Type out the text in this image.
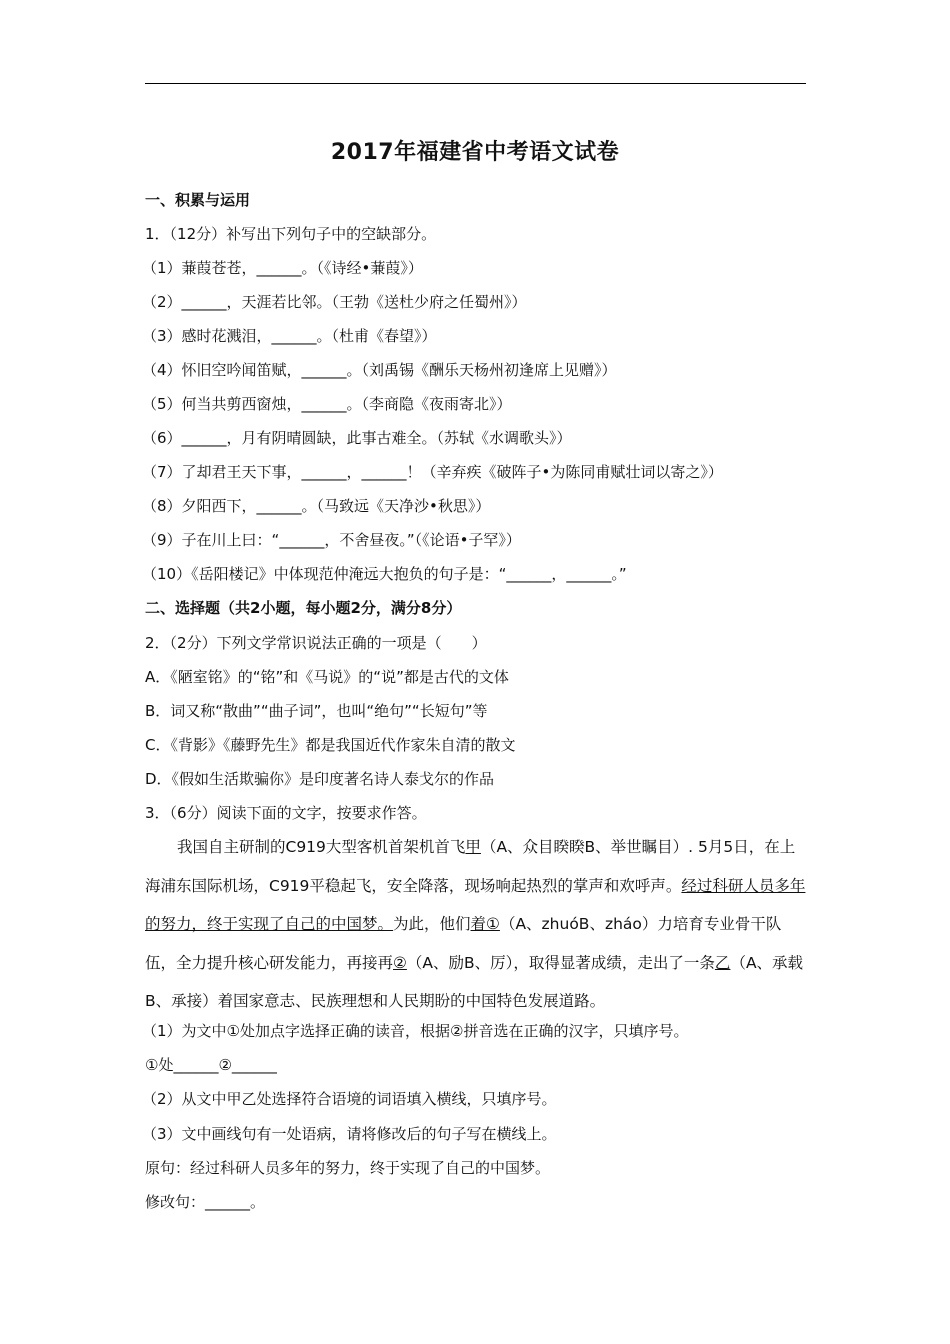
2017年福建省中考语文试卷
一、积累与运用
1．（12分）补写出下列句子中的空缺部分。
（1）蒹葭苍苍，______。（《诗经•蒹葭》）
（2）______，天涯若比邻。（王勃《送杜少府之任蜀州》）
（3）感时花溅泪，______。（杜甫《春望》）
（4）怀旧空吟闻笛赋，______。（刘禹锡《酬乐天杨州初逢席上见赠》）
（5）何当共剪西窗烛，______。（李商隐《夜雨寄北》）
（6）______，月有阴晴圆缺，此事古难全。（苏轼《水调歌头》）
（7）了却君王天下事，______，______！（辛弃疾《破阵子•为陈同甫赋壮词以寄之》）
（8）夕阳西下，______。（马致远《天净沙•秋思》）
（9）子在川上曰：“______，不舍昼夜。”（《论语•子罕》）
（10）《岳阳楼记》中体现范仲淹远大抱负的句子是：“______，______。”
二、选择题（共2小题，每小题2分，满分8分）
2．（2分）下列文学常识说法正确的一项是（　　）
A．《陋室铭》的“铭”和《马说》的“说”都是古代的文体
B．词又称“散曲”“曲子词”，也叫“绝句”“长短句”等
C．《背影》《藤野先生》都是我国近代作家朱自清的散文
D．《假如生活欺骗你》是印度著名诗人泰戈尔的作品
3．（6分）阅读下面的文字，按要求作答。
我国自主研制的C919大型客机首架机首飞甲（A、众目睽睽B、举世瞩目）. 5月5日，在上海浦东国际机场，C919平稳起飞，安全降落，现场响起热烈的掌声和欢呼声。经过科研人员多年的努力，终于实现了自己的中国梦。为此，他们着①（A、zhuóB、zháo）力培育专业骨干队伍，全力提升核心研发能力，再接再②（A、励B、厉），取得显著成绩，走出了一条乙（A、承载B、承接）着国家意志、民族理想和人民期盼的中国特色发展道路。
（1）为文中①处加点字选择正确的读音，根据②拼音选在正确的汉字，只填序号。
①处______②______
（2）从文中甲乙处选择符合语境的词语填入横线，只填序号。
（3）文中画线句有一处语病，请将修改后的句子写在横线上。
原句：经过科研人员多年的努力，终于实现了自己的中国梦。
修改句：______。
